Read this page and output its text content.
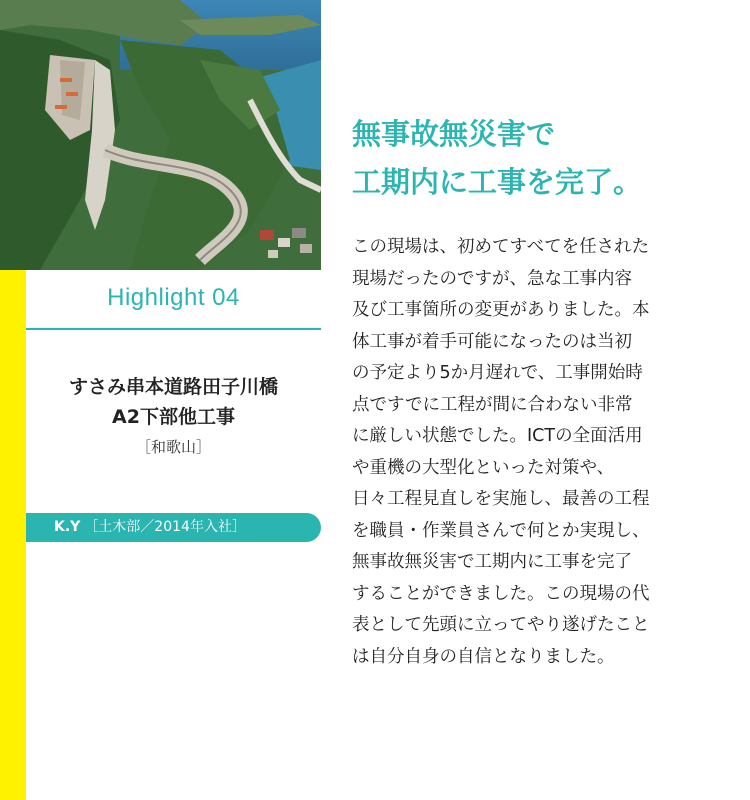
Highlight 04
すさみ串本道路田子川橋
A2下部他工事
［和歌山］
K.Y ［土木部／2014年入社］
無事故無災害で
工期内に工事を完了。
この現場は、初めてすべてを任された
現場だったのですが、急な工事内容
及び工事箇所の変更がありました。本
体工事が着手可能になったのは当初
の予定より5か月遅れで、工事開始時
点ですでに工程が間に合わない非常
に厳しい状態でした。ICTの全面活用
や重機の大型化といった対策や、
日々工程見直しを実施し、最善の工程
を職員・作業員さんで何とか実現し、
無事故無災害で工期内に工事を完了
することができました。この現場の代
表として先頭に立ってやり遂げたこと
は自分自身の自信となりました。
